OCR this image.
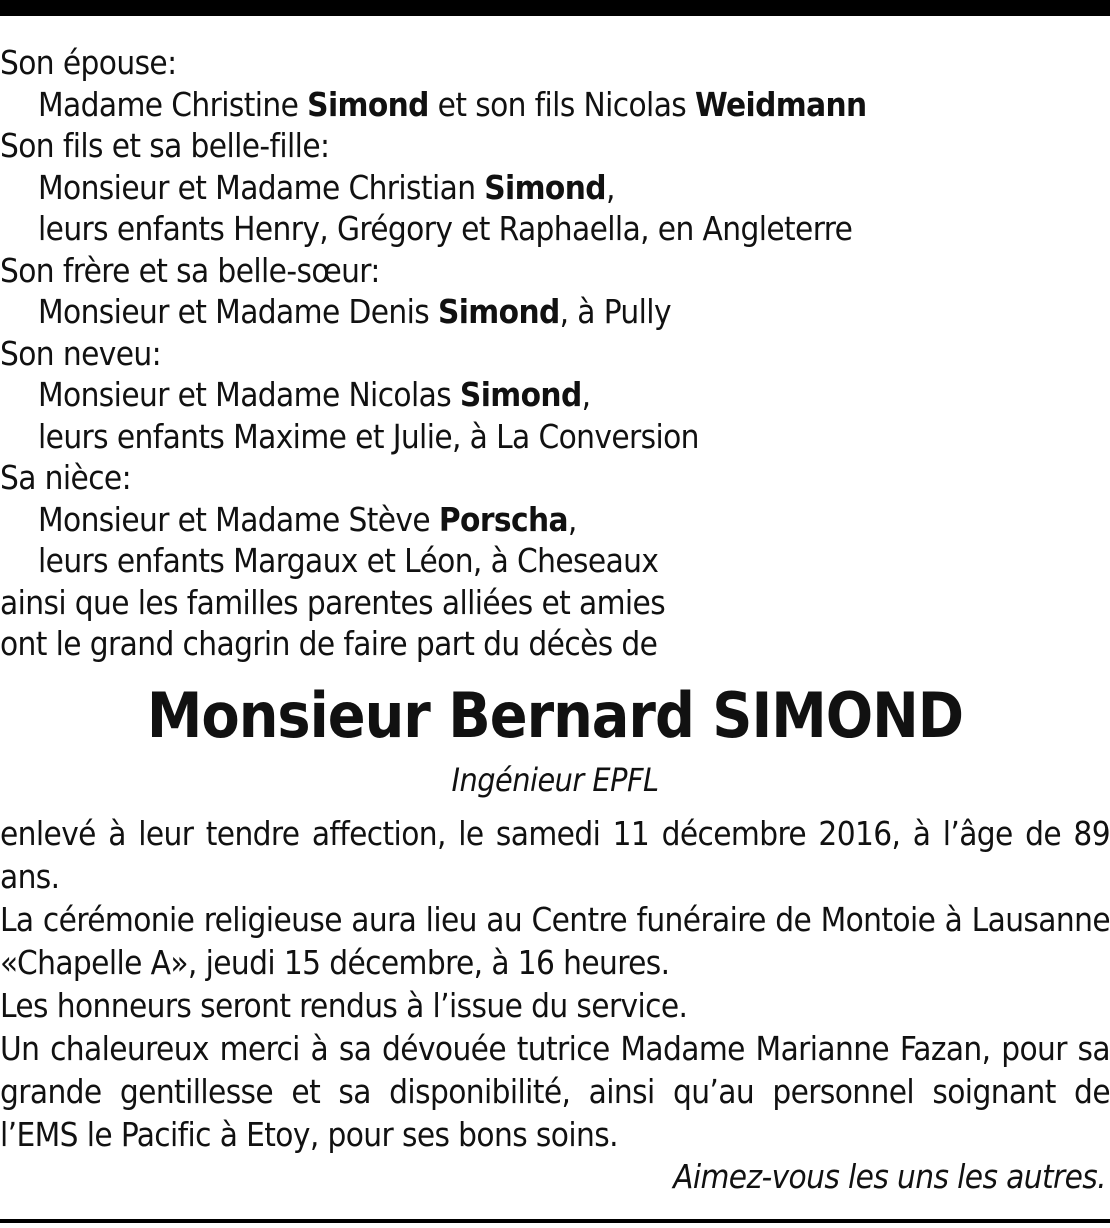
Son épouse:
Madame Christine Simond et son fils Nicolas Weidmann
Son fils et sa belle-fille:
Monsieur et Madame Christian Simond,
leurs enfants Henry, Grégory et Raphaella, en Angleterre
Son frère et sa belle-sœur:
Monsieur et Madame Denis Simond, à Pully
Son neveu:
Monsieur et Madame Nicolas Simond,
leurs enfants Maxime et Julie, à La Conversion
Sa nièce:
Monsieur et Madame Stève Porscha,
leurs enfants Margaux et Léon, à Cheseaux
ainsi que les familles parentes alliées et amies
ont le grand chagrin de faire part du décès de
Monsieur Bernard SIMOND
Ingénieur EPFL

enlevé à leur tendre affection, le samedi 11 décembre 2016, à l’âge de 89 ans.

La cérémonie religieuse aura lieu au Centre funéraire de Montoie à Lausanne «Chapelle A», jeudi 15 décembre, à 16 heures.

Les honneurs seront rendus à l’issue du service.

Un chaleureux merci à sa dévouée tutrice Madame Marianne Fazan, pour sa grande gentillesse et sa disponibilité, ainsi qu’au personnel soignant de l’EMS le Pacific à Etoy, pour ses bons soins.

Aimez-vous les uns les autres.
